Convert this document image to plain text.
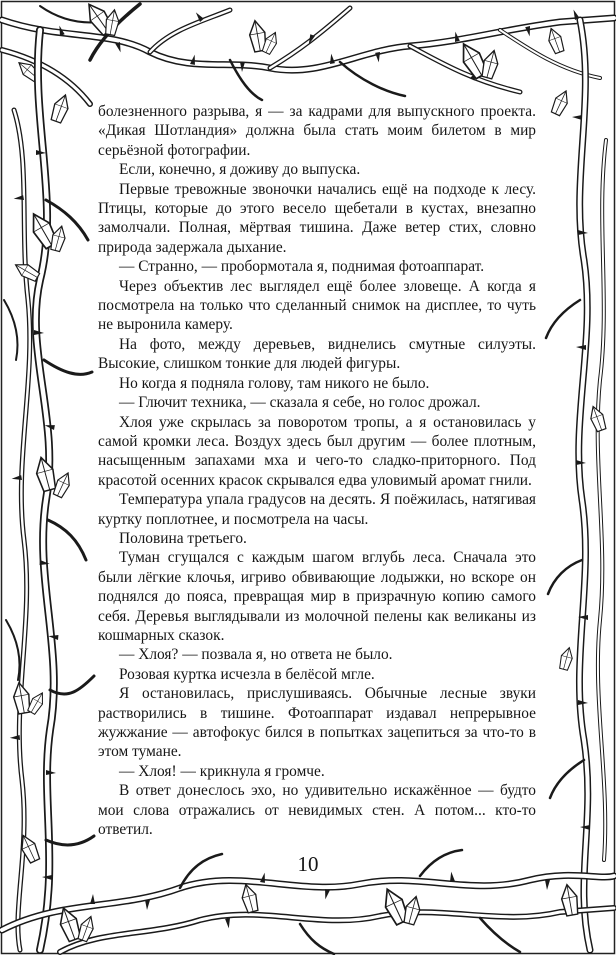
болезненного разрыва, я — за кадрами для выпускного проекта. «Дикая Шотландия» должна была стать моим билетом в мир серьёзной фотографии.

Если, конечно, я доживу до выпуска.

Первые тревожные звоночки начались ещё на подходе к лесу. Птицы, которые до этого весело щебетали в кустах, внезапно замолчали. Полная, мёртвая тишина. Даже ветер стих, словно природа задержала дыхание.

— Странно, — пробормотала я, поднимая фотоаппарат.

Через объектив лес выглядел ещё более зловеще. А когда я посмотрела на только что сделанный снимок на дисплее, то чуть не выронила камеру.

На фото, между деревьев, виднелись смутные силуэты. Высокие, слишком тонкие для людей фигуры.

Но когда я подняла голову, там никого не было.

— Глючит техника, — сказала я себе, но голос дрожал.

Хлоя уже скрылась за поворотом тропы, а я остановилась у самой кромки леса. Воздух здесь был другим — более плотным, насыщенным запахами мха и чего-то сладко-приторного. Под красотой осенних красок скрывался едва уловимый аромат гнили.

Температура упала градусов на десять. Я поёжилась, натягивая куртку поплотнее, и посмотрела на часы.

Половина третьего.

Туман сгущался с каждым шагом вглубь леса. Сначала это были лёгкие клочья, игриво обвивающие лодыжки, но вскоре он поднялся до пояса, превращая мир в призрачную копию самого себя. Деревья выглядывали из молочной пелены как великаны из кошмарных сказок.

— Хлоя? — позвала я, но ответа не было.

Розовая куртка исчезла в белёсой мгле.

Я остановилась, прислушиваясь. Обычные лесные звуки растворились в тишине. Фотоаппарат издавал непрерывное жужжание — автофокус бился в попытках зацепиться за что-то в этом тумане.

— Хлоя! — крикнула я громче.

В ответ донеслось эхо, но удивительно искажённое — будто мои слова отражались от невидимых стен. А потом... кто-то ответил.

10
